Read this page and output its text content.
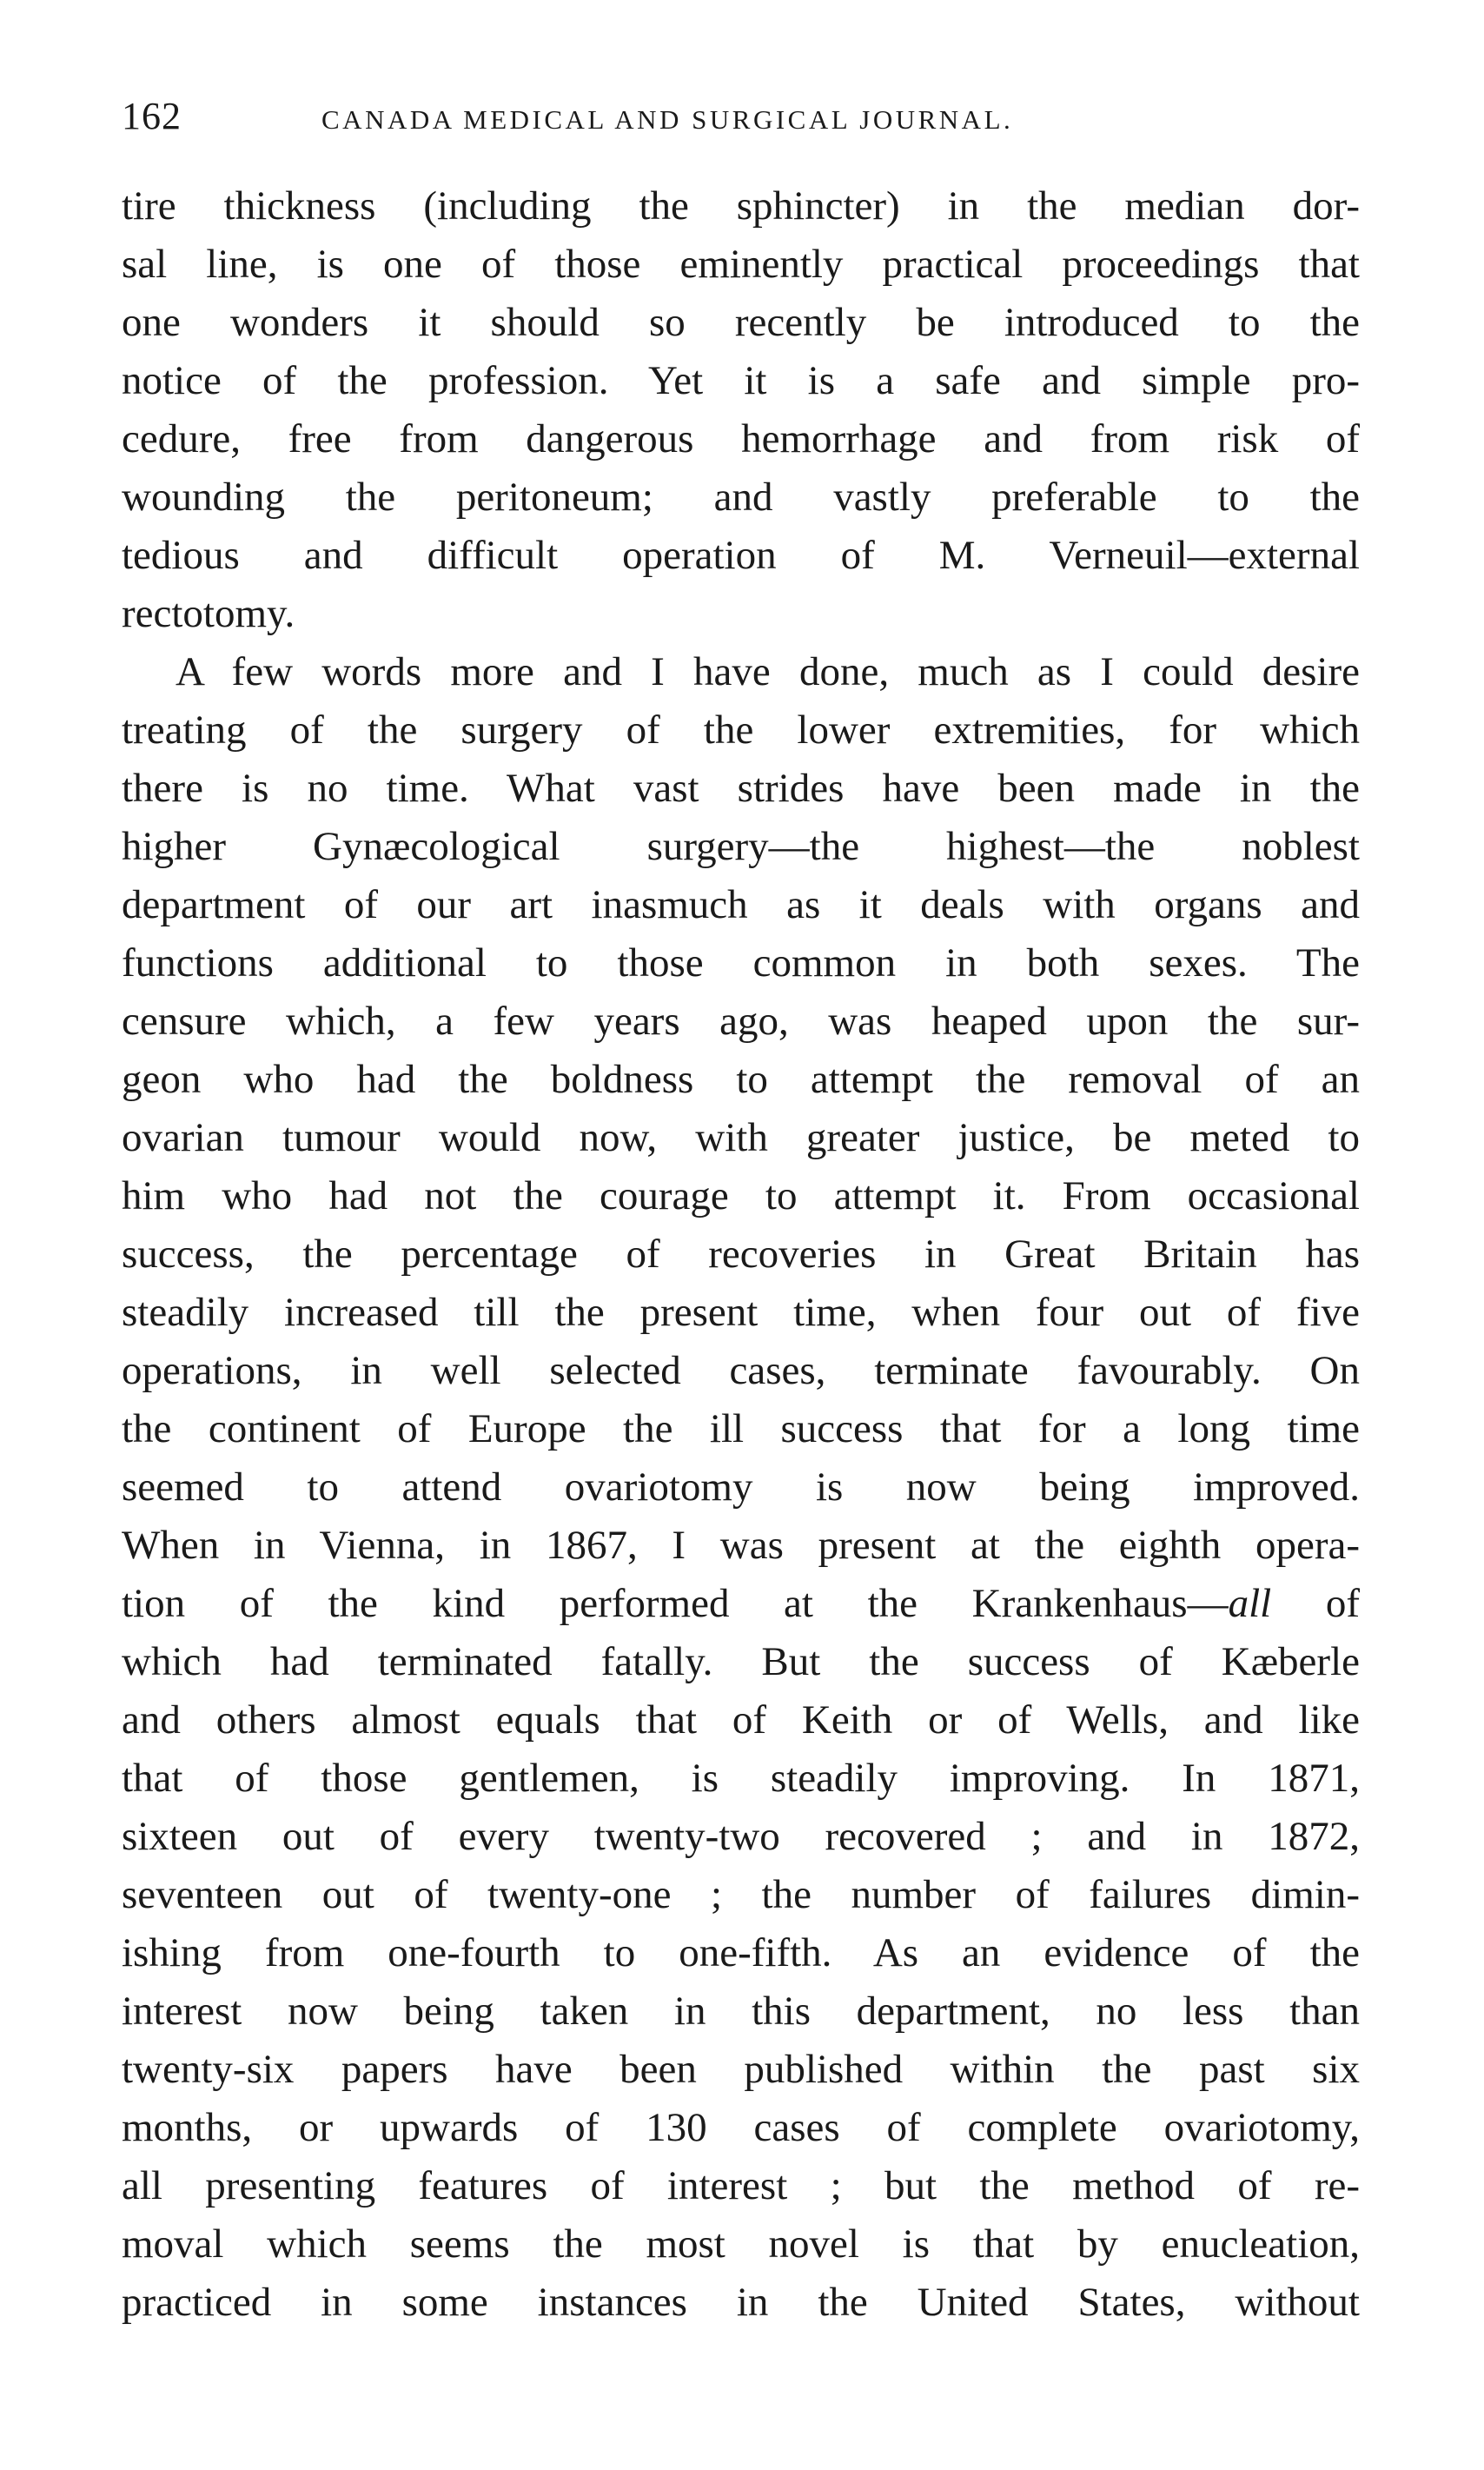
162	CANADA MEDICAL AND SURGICAL JOURNAL.
tire thickness (including the sphincter) in the median dor-
sal line, is one of those eminently practical proceedings that
one wonders it should so recently be introduced to the
notice of the profession. Yet it is a safe and simple pro-
cedure, free from dangerous hemorrhage and from risk of
wounding the peritoneum; and vastly preferable to the
tedious and difficult operation of M. Verneuil—external
rectotomy.
A few words more and I have done, much as I could desire
treating of the surgery of the lower extremities, for which
there is no time. What vast strides have been made in the
higher Gynæcological surgery—the highest—the noblest
department of our art inasmuch as it deals with organs and
functions additional to those common in both sexes. The
censure which, a few years ago, was heaped upon the sur-
geon who had the boldness to attempt the removal of an
ovarian tumour would now, with greater justice, be meted to
him who had not the courage to attempt it. From occasional
success, the percentage of recoveries in Great Britain has
steadily increased till the present time, when four out of five
operations, in well selected cases, terminate favourably. On
the continent of Europe the ill success that for a long time
seemed to attend ovariotomy is now being improved.
When in Vienna, in 1867, I was present at the eighth opera-
tion of the kind performed at the Krankenhaus—all of
which had terminated fatally. But the success of Kæberle
and others almost equals that of Keith or of Wells, and like
that of those gentlemen, is steadily improving. In 1871,
sixteen out of every twenty-two recovered ; and in 1872,
seventeen out of twenty-one ; the number of failures dimin-
ishing from one-fourth to one-fifth. As an evidence of the
interest now being taken in this department, no less than
twenty-six papers have been published within the past six
months, or upwards of 130 cases of complete ovariotomy,
all presenting features of interest ; but the method of re-
moval which seems the most novel is that by enucleation,
practiced in some instances in the United States, without
